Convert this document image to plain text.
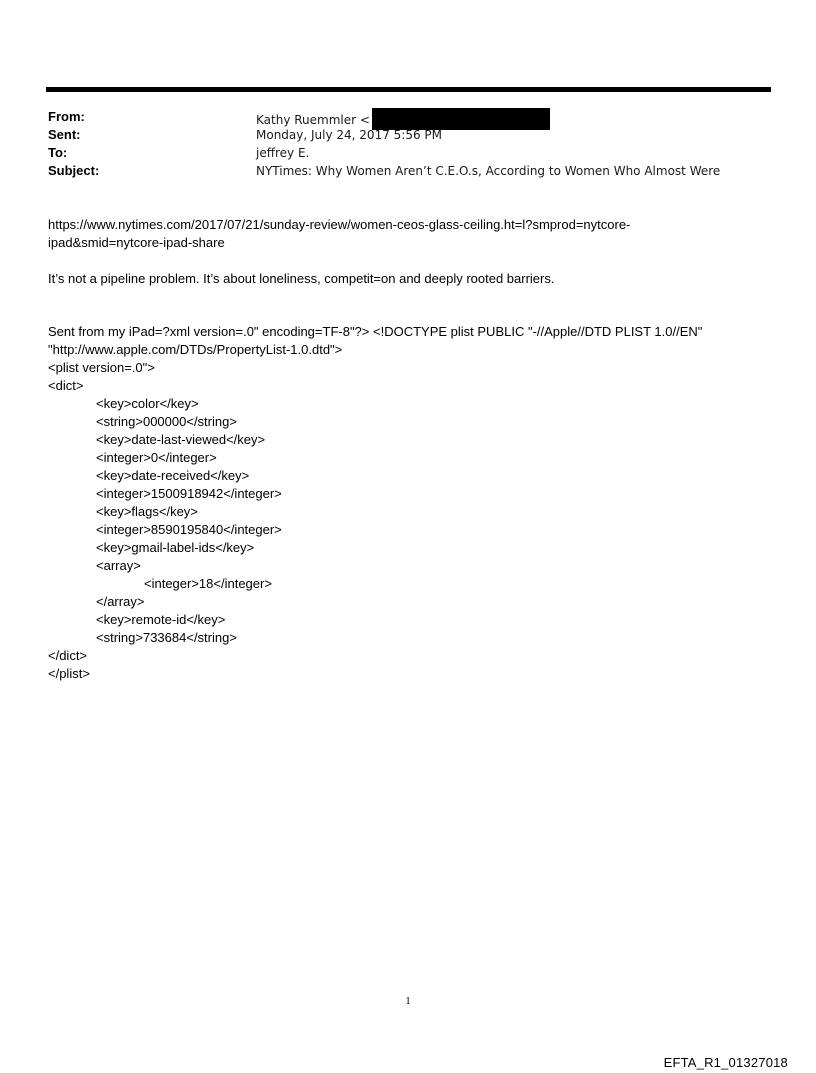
From:	Kathy Ruemmler <
Sent:	Monday, July 24, 2017 5:56 PM
To:	jeffrey E.
Subject:	NYTimes: Why Women Aren’t C.E.O.s, According to Women Who Almost Were
https://www.nytimes.com/2017/07/21/sunday-review/women-ceos-glass-ceiling.ht=l?smprod=nytcore-
ipad&smid=nytcore-ipad-share
It’s not a pipeline problem. It’s about loneliness, competit=on and deeply rooted barriers.
Sent from my iPad=?xml version=.0" encoding=TF-8"?> <!DOCTYPE plist PUBLIC "-//Apple//DTD PLIST 1.0//EN"
"http://www.apple.com/DTDs/PropertyList-1.0.dtd">
<plist version=.0">
<dict>
<key>color</key>
<string>000000</string>
<key>date-last-viewed</key>
<integer>0</integer>
<key>date-received</key>
<integer>1500918942</integer>
<key>flags</key>
<integer>8590195840</integer>
<key>gmail-label-ids</key>
<array>
<integer>18</integer>
</array>
<key>remote-id</key>
<string>733684</string>
</dict>
</plist>
1
EFTA_R1_01327018
